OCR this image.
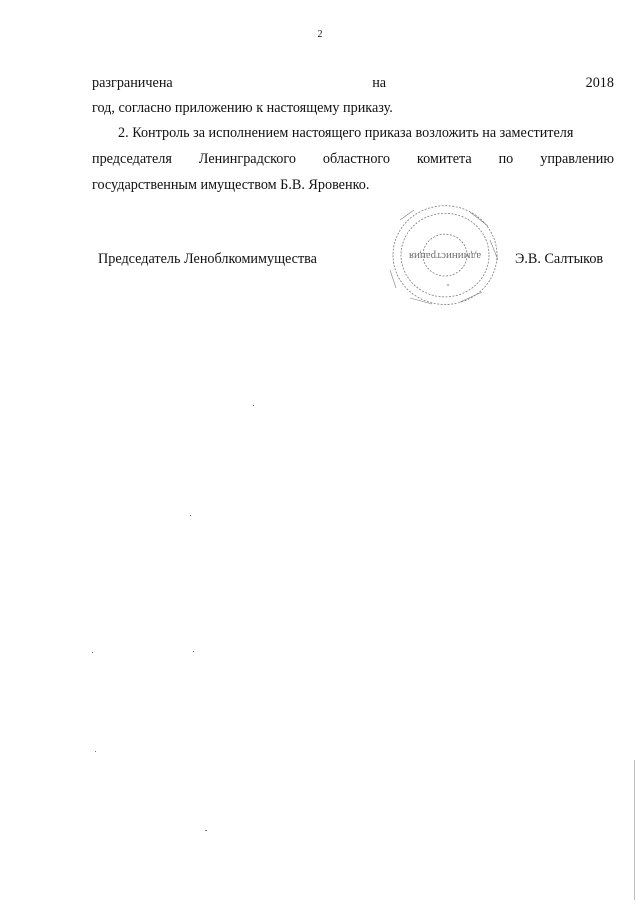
2
разграничена	на	2018
год, согласно приложению к настоящему приказу.
2. Контроль за исполнением настоящего приказа возложить на заместителя
председателя Ленинградского областного комитета по управлению
государственным имуществом Б.В. Яровенко.
Председатель Леноблкомимущества	администрация
*
Э.В. Салтыков
